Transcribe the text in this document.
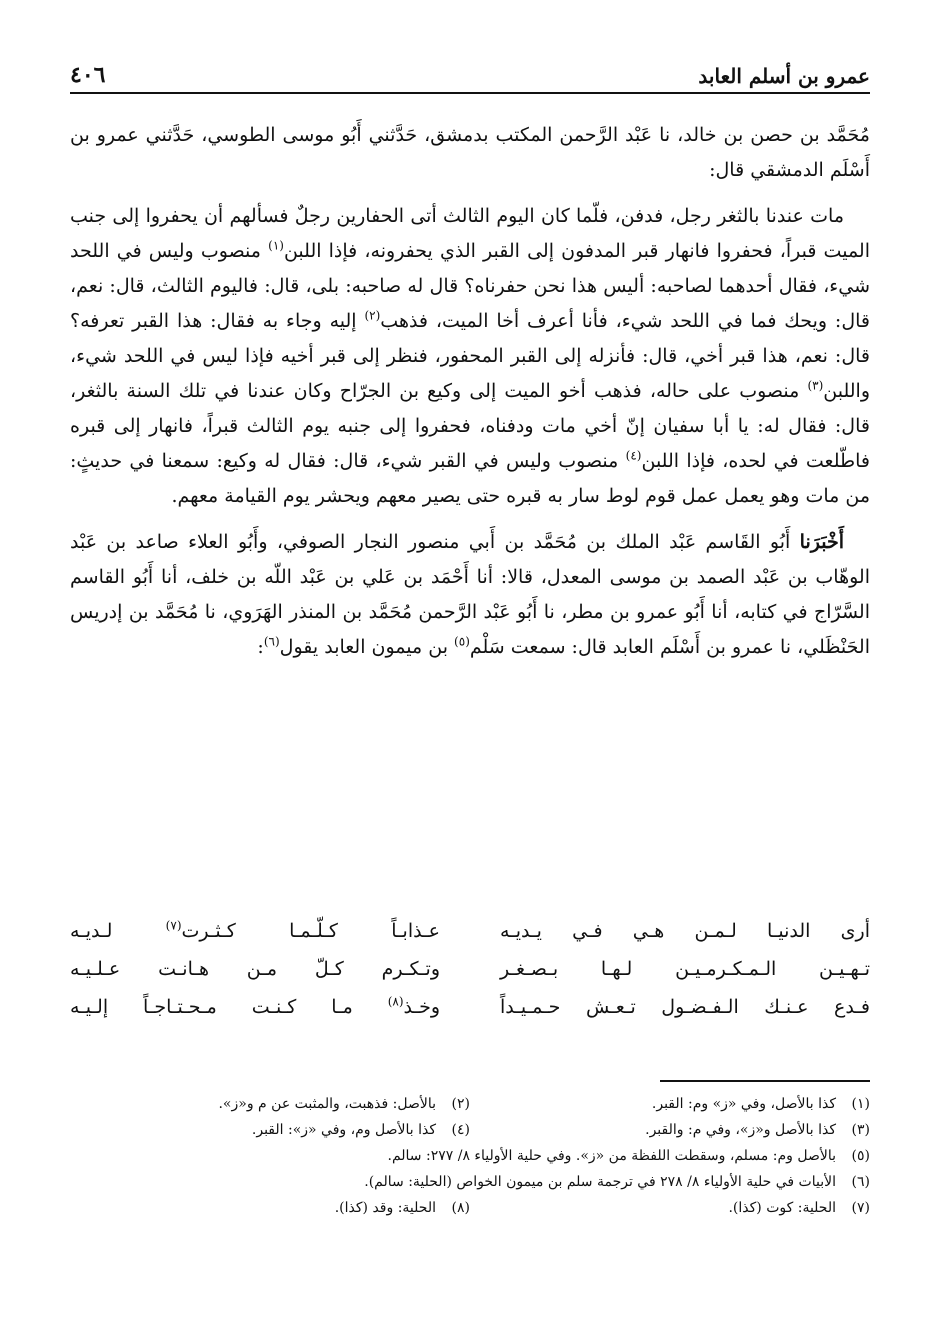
عمرو بن أسلم العابد
٤٠٦

مُحَمَّد بن حصن بن خالد، نا عَبْد الرَّحمن المكتب بدمشق، حَدَّثني أَبُو موسى الطوسي، حَدَّثني عمرو بن أَسْلَم الدمشقي قال:

مات عندنا بالثغر رجل، فدفن، فلّما كان اليوم الثالث أتى الحفارين رجلٌ فسألهم أن يحفروا إلى جنب الميت قبراً، فحفروا فانهار قبر المدفون إلى القبر الذي يحفرونه، فإذا اللبن$^{(١)}$ منصوب وليس في اللحد شيء، فقال أحدهما لصاحبه: أليس هذا نحن حفرناه؟ قال له صاحبه: بلى، قال: فاليوم الثالث، قال: نعم، قال: ويحك فما في اللحد شيء، فأنا أعرف أخا الميت، فذهب$^{(٢)}$ إليه وجاء به فقال: هذا القبر تعرفه؟ قال: نعم، هذا قبر أخي، قال: فأنزله إلى القبر المحفور، فنظر إلى قبر أخيه فإذا ليس في اللحد شيء، واللبن$^{(٣)}$ منصوب على حاله، فذهب أخو الميت إلى وكيع بن الجرّاح وكان عندنا في تلك السنة بالثغر، قال: فقال له: يا أبا سفيان إنّ أخي مات ودفناه، فحفروا إلى جنبه يوم الثالث قبراً، فانهار إلى قبره فاطّلعت في لحده، فإذا اللبن$^{(٤)}$ منصوب وليس في القبر شيء، قال: فقال له وكيع: سمعنا في حديثٍ: من مات وهو يعمل عمل قوم لوط سار به قبره حتى يصير معهم ويحشر يوم القيامة معهم.

أَخْبَرَنا أَبُو القَاسم عَبْد الملك بن مُحَمَّد بن أَبي منصور النجار الصوفي، وأَبُو العلاء صاعد بن عَبْد الوهّاب بن عَبْد الصمد بن موسى المعدل، قالا: أنا أَحْمَد بن عَلي بن عَبْد اللّه بن خلف، أنا أَبُو القاسم السَّرّاج في كتابه، أنا أَبُو عمرو بن مطر، نا أَبُو عَبْد الرَّحمن مُحَمَّد بن المنذر الهَرَوي، نا مُحَمَّد بن إدريس الحَنْظَلي، نا عمرو بن أَسْلَم العابد قال: سمعت سَلْم$^{(٥)}$ بن ميمون العابد يقول$^{(٦)}$:

أرى الدنيـا لـمـن هـي فـي يـديـه
عـذابـاً كـلّـمـا كـثـرت$^{(٧)}$ لـديـه
تـهـيـن الـمـكـرمـيـن لـهـا بـصـغـر
وتـكـرم كـلّ مـن هـانـت عـلـيـه
فـدع عـنـك الـفـضـول تـعـش حـمـيـداً
وخـذ$^{(٨)}$ مـا كـنـت مـحـتـاجـاً إلـيـه
(١)كذا بالأصل، وفي «ز» وم: القبر.
(٢)بالأصل: فذهبت، والمثبت عن م و«ز».
(٣)كذا بالأصل و«ز»، وفي م: والقبر.
(٤)كذا بالأصل وم، وفي «ز»: القبر.
(٥)بالأصل وم: مسلم، وسقطت اللفظة من «ز». وفي حلية الأولياء ٨/ ٢٧٧: سالم.
(٦)الأبيات في حلية الأولياء ٨/ ٢٧٨ في ترجمة سلم بن ميمون الخواص (الحلية: سالم).
(٧)الحلية: كوت (كذا).
(٨)الحلية: وقد (كذا).
